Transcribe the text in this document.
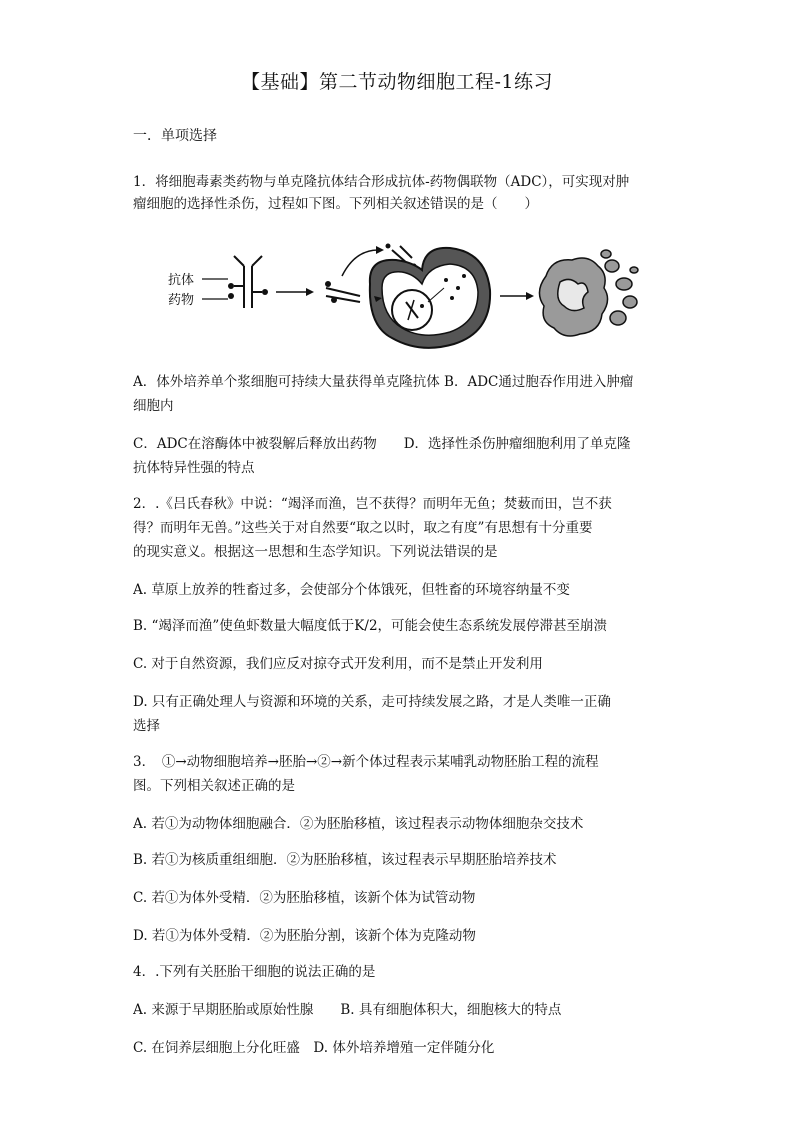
【基础】第二节动物细胞工程-1练习
一．单项选择
1．将细胞毒素类药物与单克隆抗体结合形成抗体-药物偶联物（ADC），可实现对肿
瘤细胞的选择性杀伤，过程如下图。下列相关叙述错误的是（　　）
抗体
药物
A．体外培养单个浆细胞可持续大量获得单克隆抗体 B．ADC通过胞吞作用进入肿瘤
细胞内
C．ADC在溶酶体中被裂解后释放出药物　　D．选择性杀伤肿瘤细胞利用了单克隆
抗体特异性强的特点
2．.《吕氏春秋》中说：“竭泽而渔，岂不获得？而明年无鱼；焚薮而田，岂不获
得？而明年无兽。”这些关于对自然要“取之以时，取之有度”有思想有十分重要
的现实意义。根据这一思想和生态学知识。下列说法错误的是
A. 草原上放养的牲畜过多，会使部分个体饿死，但牲畜的环境容纳量不变
B. “竭泽而渔”使鱼虾数量大幅度低于K/2，可能会使生态系统发展停滞甚至崩溃
C. 对于自然资源，我们应反对掠夺式开发利用，而不是禁止开发利用
D. 只有正确处理人与资源和环境的关系，走可持续发展之路，才是人类唯一正确
选择
3．　①→动物细胞培养→胚胎→②→新个体过程表示某哺乳动物胚胎工程的流程
图。下列相关叙述正确的是
A. 若①为动物体细胞融合．②为胚胎移植，该过程表示动物体细胞杂交技术
B. 若①为核质重组细胞．②为胚胎移植，该过程表示早期胚胎培养技术
C. 若①为体外受精．②为胚胎移植，该新个体为试管动物
D. 若①为体外受精．②为胚胎分割，该新个体为克隆动物
4．.下列有关胚胎干细胞的说法正确的是
A. 来源于早期胚胎或原始性腺　　B. 具有细胞体积大，细胞核大的特点
C. 在饲养层细胞上分化旺盛　D. 体外培养增殖一定伴随分化
